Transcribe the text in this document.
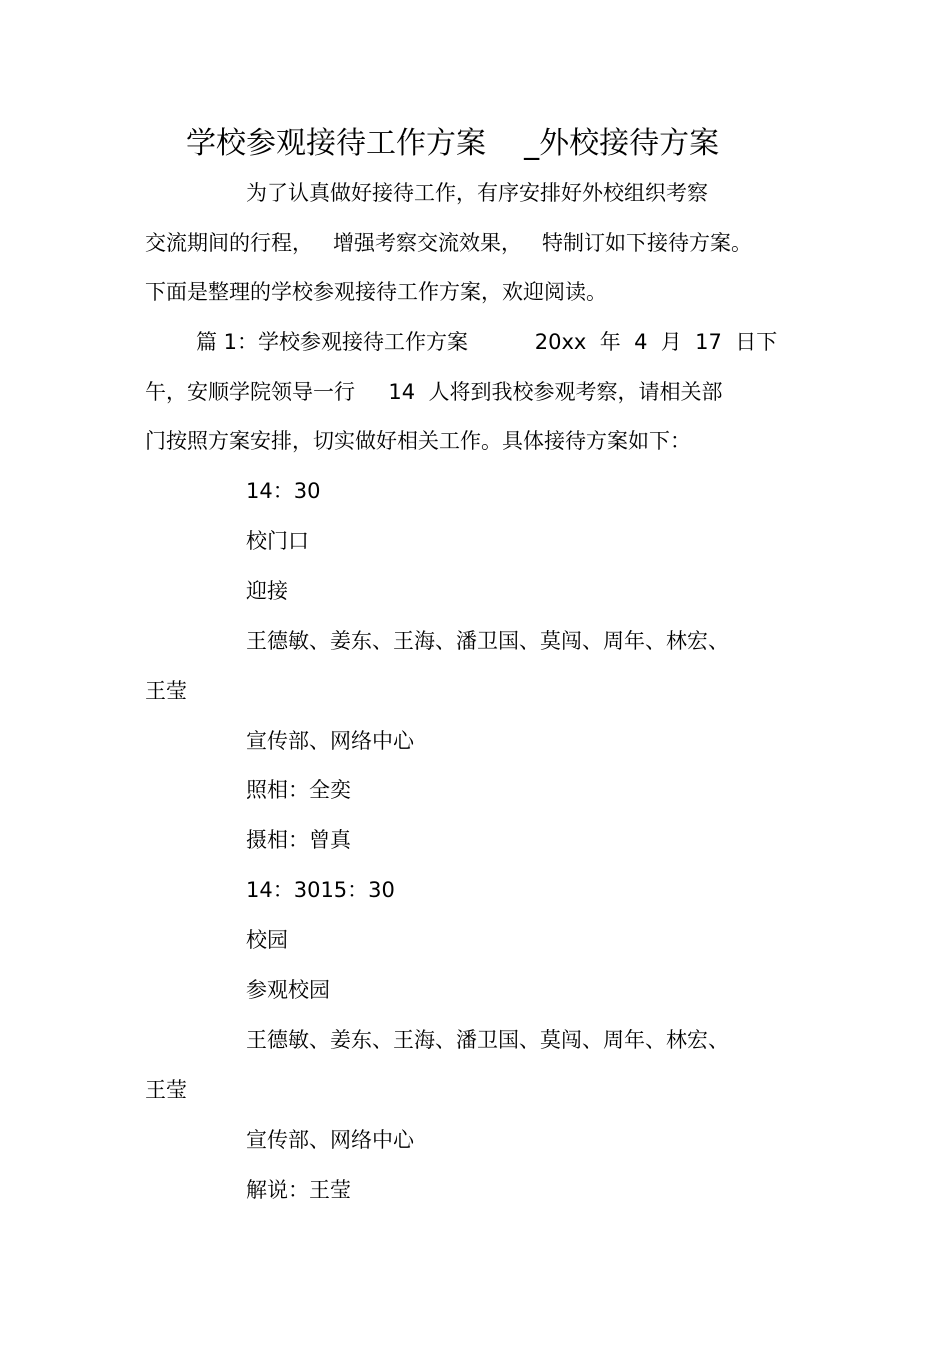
学校参观接待工作方案    _外校接待方案
为了认真做好接待工作，有序安排好外校组织考察
交流期间的行程，   增强考察交流效果，   特制订如下接待方案。
下面是整理的学校参观接待工作方案，欢迎阅读。
篇 1：学校参观接待工作方案          20xx  年  4  月  17  日下
午，安顺学院领导一行     14  人将到我校参观考察，请相关部
门按照方案安排，切实做好相关工作。具体接待方案如下：
14：30
校门口
迎接
王德敏、姜东、王海、潘卫国、莫闯、周年、林宏、
王莹
宣传部、网络中心
照相：全奕
摄相：曾真
14：3015：30
校园
参观校园
王德敏、姜东、王海、潘卫国、莫闯、周年、林宏、
王莹
宣传部、网络中心
解说：王莹
